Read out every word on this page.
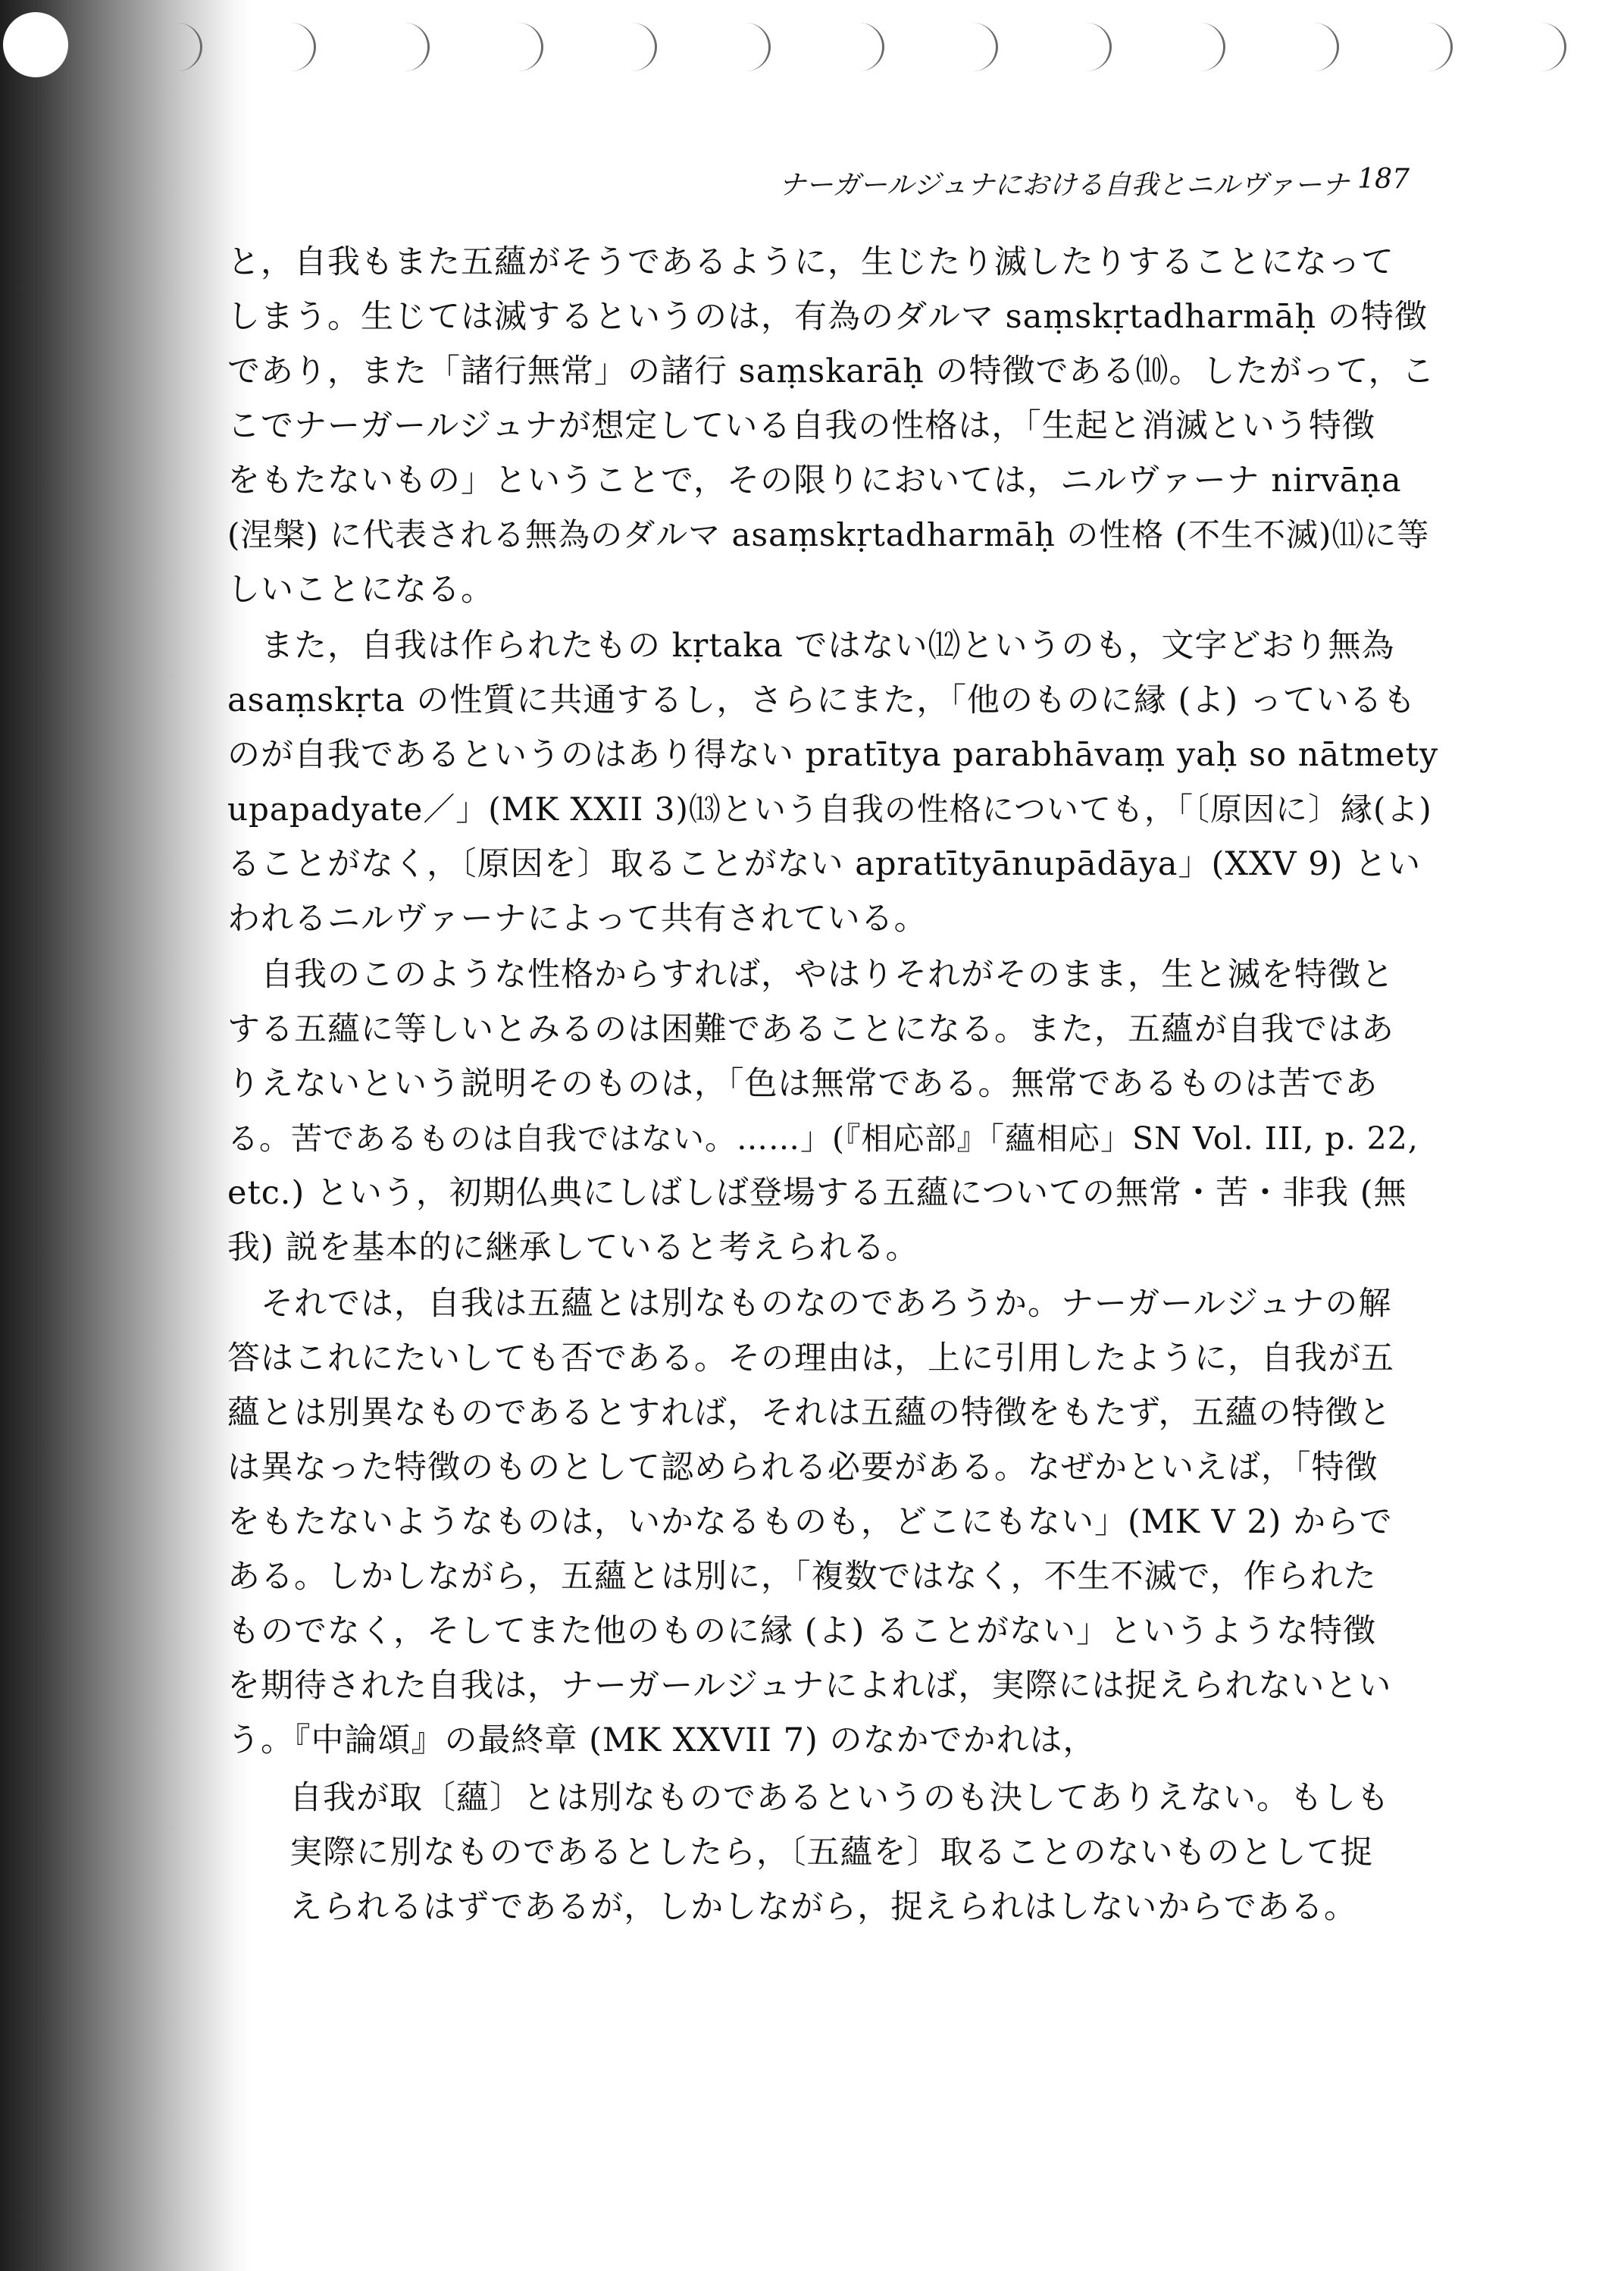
ナーガールジュナにおける自我とニルヴァーナ 187
と，自我もまた五蘊がそうであるように，生じたり滅したりすることになって
しまう。生じては滅するというのは，有為のダルマ saṃskṛtadharmāḥ の特徴
であり，また「諸行無常」の諸行 saṃskarāḥ の特徴である⑽。したがって，こ
こでナーガールジュナが想定している自我の性格は，「生起と消滅という特徴
をもたないもの」ということで，その限りにおいては，ニルヴァーナ nirvāṇa
(涅槃) に代表される無為のダルマ asaṃskṛtadharmāḥ の性格 (不生不滅)⑾に等
しいことになる。
また，自我は作られたもの kṛtaka ではない⑿というのも，文字どおり無為
asaṃskṛta の性質に共通するし，さらにまた，「他のものに縁 (よ) っているも
のが自我であるというのはあり得ない pratītya parabhāvaṃ yaḥ so nātmety
upapadyate／」(MK XXII 3)⒀という自我の性格についても，「〔原因に〕縁(よ)
ることがなく，〔原因を〕取ることがない apratītyānupādāya」(XXV 9) とい
われるニルヴァーナによって共有されている。
自我のこのような性格からすれば，やはりそれがそのまま，生と滅を特徴と
する五蘊に等しいとみるのは困難であることになる。また，五蘊が自我ではあ
りえないという説明そのものは，「色は無常である。無常であるものは苦であ
る。苦であるものは自我ではない。……」(『相応部』「蘊相応」SN Vol. III, p. 22,
etc.) という，初期仏典にしばしば登場する五蘊についての無常・苦・非我 (無
我) 説を基本的に継承していると考えられる。
それでは，自我は五蘊とは別なものなのであろうか。ナーガールジュナの解
答はこれにたいしても否である。その理由は，上に引用したように，自我が五
蘊とは別異なものであるとすれば，それは五蘊の特徴をもたず，五蘊の特徴と
は異なった特徴のものとして認められる必要がある。なぜかといえば，「特徴
をもたないようなものは，いかなるものも，どこにもない」(MK V 2) からで
ある。しかしながら，五蘊とは別に，「複数ではなく，不生不滅で，作られた
ものでなく，そしてまた他のものに縁 (よ) ることがない」というような特徴
を期待された自我は，ナーガールジュナによれば，実際には捉えられないとい
う。『中論頌』の最終章 (MK XXVII 7) のなかでかれは，
自我が取〔蘊〕とは別なものであるというのも決してありえない。もしも
実際に別なものであるとしたら，〔五蘊を〕取ることのないものとして捉
えられるはずであるが，しかしながら，捉えられはしないからである。
